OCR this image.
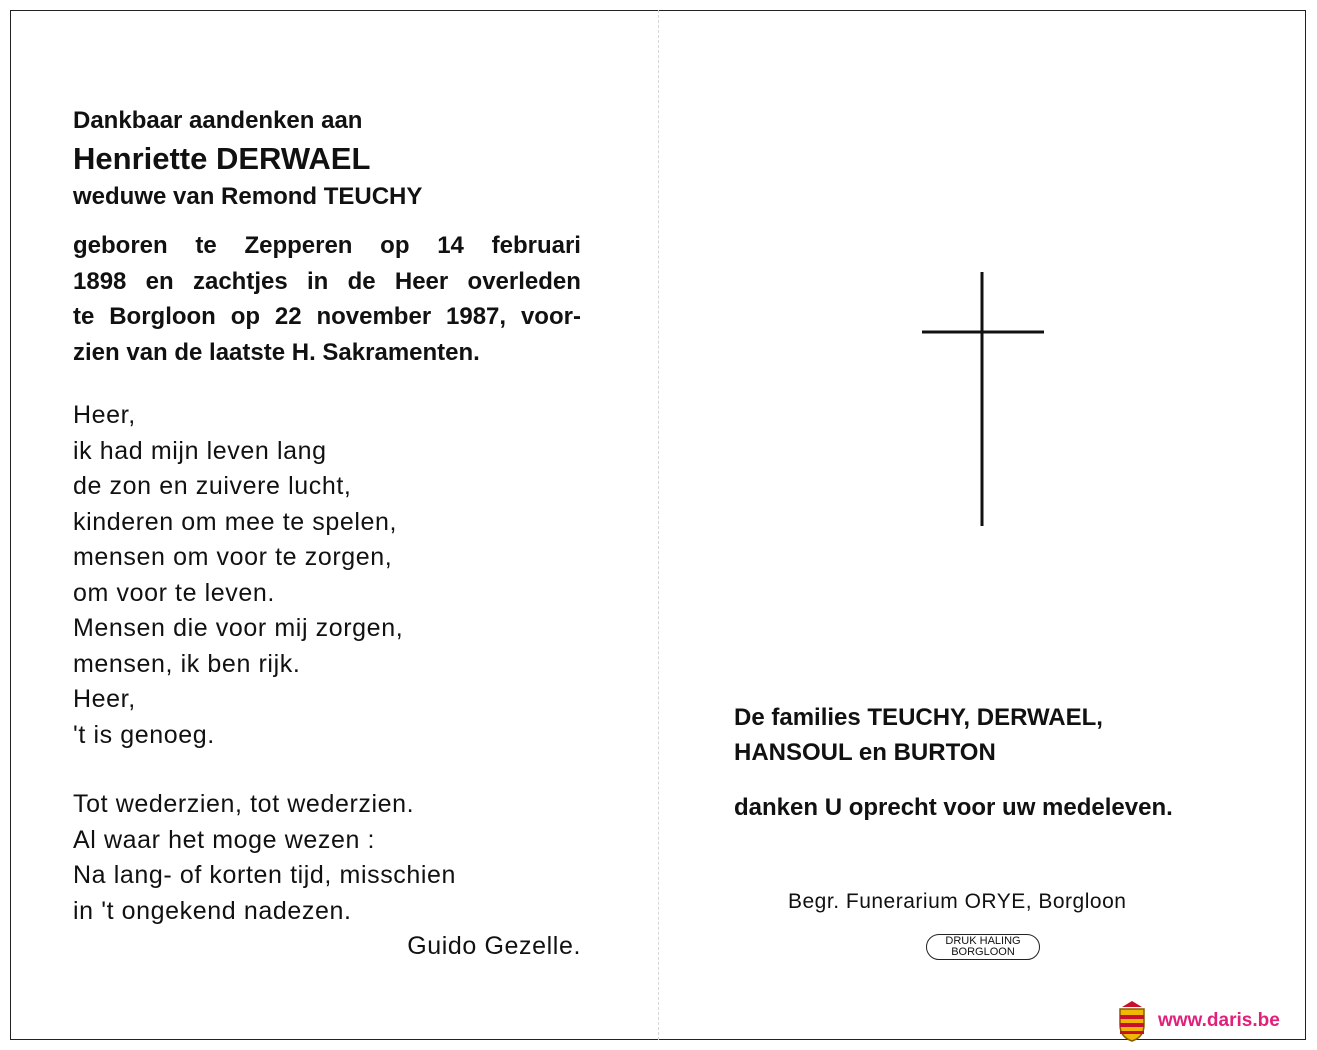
Dankbaar aandenken aan

Henriette DERWAEL

weduwe van Remond TEUCHY

geboren te Zepperen op 14 februari
1898 en zachtjes in de Heer overleden
te Borgloon op 22 november 1987, voor-
zien van de laatste H. Sakramenten.
Heer,
ik had mijn leven lang
de zon en zuivere lucht,
kinderen om mee te spelen,
mensen om voor te zorgen,
om voor te leven.
Mensen die voor mij zorgen,
mensen, ik ben rijk.
Heer,
't is genoeg.
Tot wederzien, tot wederzien.
Al waar het moge wezen :
Na lang- of korten tijd, misschien
in 't ongekend nadezen.
Guido Gezelle.
De families TEUCHY, DERWAEL,
HANSOUL en BURTON
danken U oprecht voor uw medeleven.
Begr. Funerarium ORYE, Borgloon
DRUK HALING
BORGLOON
www.daris.be
